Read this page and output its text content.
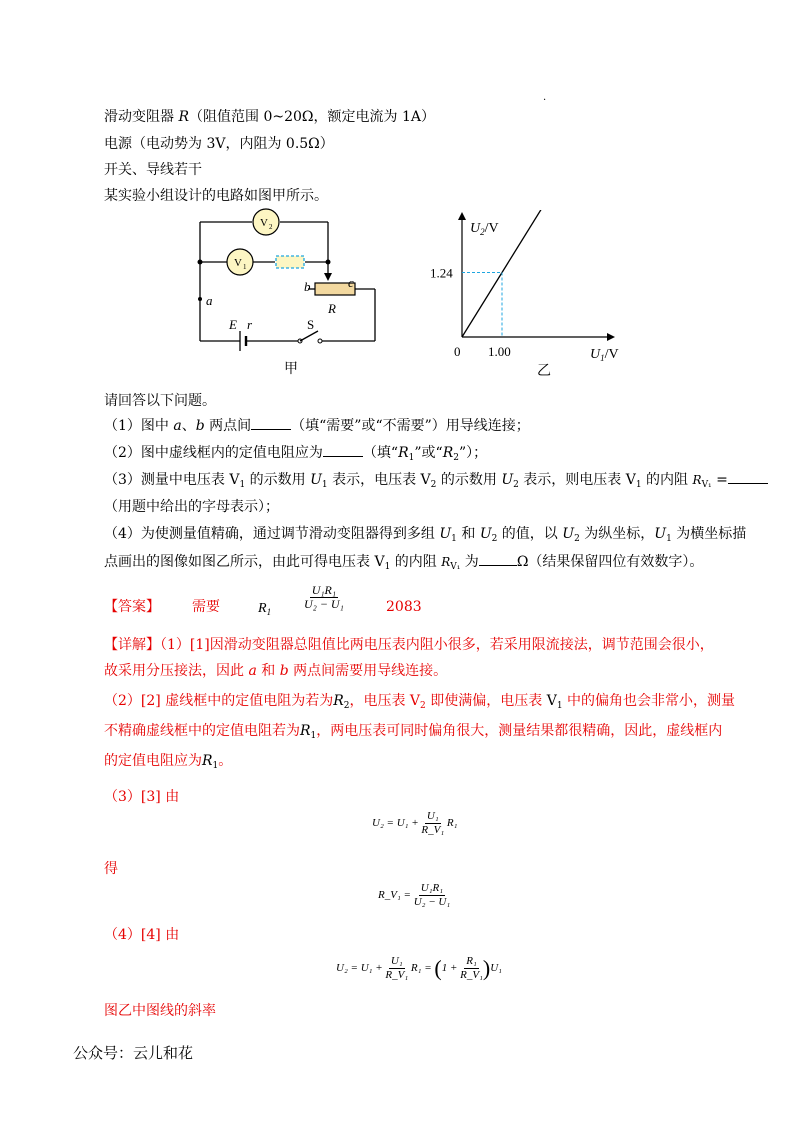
滑动变阻器 R（阻值范围 0~20Ω，额定电流为 1A）
电源（电动势为 3V，内阻为 0.5Ω）
开关、导线若干
某实验小组设计的电路如图甲所示。
.
V 2
V 1
a
b	c
R
E r	S
甲
$U_2/V$
$U_1/V$
0
1.24
1.00
乙
请回答以下问题。
（1）图中 a、b 两点间	（填“需要”或“不需要”）用导线连接；
（2）图中虚线框内的定值电阻应为	（填“$R_1$”或“$R_2$”）；
（3）测量中电压表 $V_1$ 的示数用 $U_1$ 表示，电压表 $V_2$ 的示数用 $U_2$ 表示，则电压表 $V_1$ 的内阻 $R_{V_1}$ =
（用题中给出的字母表示）；
（4）为使测量值精确，通过调节滑动变阻器得到多组 $U_1$ 和 $U_2$ 的值，以 $U_2$ 为纵坐标，$U_1$ 为横坐标描
点画出的图像如图乙所示，由此可得电压表 $V_1$ 的内阻 $R_{V_1}$ 为	Ω（结果保留四位有效数字）。
【答案】 需要	$R_1$
$\frac{\text{U₁R₁}}{\text{U₂ − U₁}}$	2083
【详解】（1）[1]因滑动变阻器总阻值比两电压表内阻小很多，若采用限流接法，调节范围会很小，
故采用分压接法，因此 a 和 b 两点间需要用导线连接。
（2）[2] 虚线框中的定值电阻为若为$R_2$，电压表 $V_2$ 即使满偏，电压表 $V_1$ 中的偏角也会非常小，测量
不精确虚线框中的定值电阻若为$R_1$，两电压表可同时偏角很大，测量结果都很精确，因此，虚线框内
的定值电阻应为$R_1$。
（3）[3] 由
$U_2 = U_1 + \frac{\text{U₁}}{\text{R\_V₁}} R_1$
得
R_V₁ = $\frac{\text{U₁R₁}}{\text{U₂ − U₁}}$
（4）[4] 由
$U_2 = U_1 + \frac{\text{U₁}}{\text{R\_V₁}} R_1 = (1 + \frac{\text{R₁}}{\text{R\_V₁}} )U_1$
图乙中图线的斜率
公众号：云儿和花
